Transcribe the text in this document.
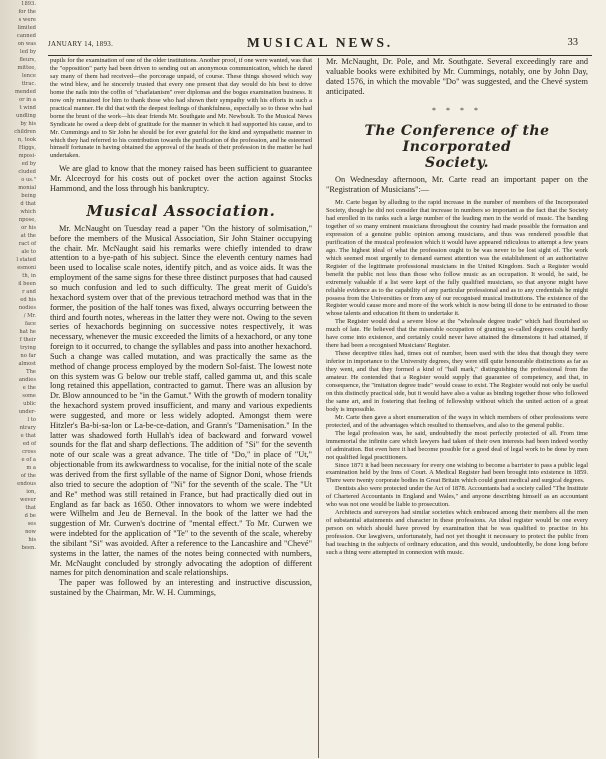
1893.
for the
s were
limited
canned
on was
led by
fleurs,
mittee,
lence
ttrac.
mended
or in a
t wind
undling
by his
children
n, took
Higgs,
mposi-
ed by
cluded
o us."
monial
being
d that
which
npose,
or his
at the
ract of
ale to
l stated
esmoni
th, in
il been
r and
ed his
nodies
/ Mr.
face
hat he
f their
trying
no far
almost
The
andies
e the
some
ublic
under-
l to
ntrary
e that
ed of
cross
e of a
m a
of the
endous
ion,
wever
that
d be
ses
now
his
been.
JANUARY 14, 1893.	MUSICAL NEWS.	33

pupils for the examination of one of the older institutions. Another proof, if one were wanted, was that the "opposition" party had been driven to sending out an anonymous communication, which he dared say many of them had received—the porcorage unpaid, of course. These things showed which way the wind blew, and he sincerely trusted that every one present that day would do his best to drive home the nails into the coffin of "charlatanism" over diplomas and the bogus examination business. It now only remained for him to thank those who had shown their sympathy with his efforts in such a practical manner. He did that with the deepest feelings of thankfulness, especially so to those who had borne the brunt of the work—his dear friends Mr. Southgate and Mr. Newboult. To the Musical News Syndicate he owed a deep debt of gratitude for the manner in which it had supported his cause, and to Mr. Cummings and to Sir John he should be for ever grateful for the kind and sympathetic manner in which they had referred to his contribution towards the purification of the profession, and he esteemed himself fortunate in having obtained the approval of the heads of their profession in the matter he had undertaken.

We are glad to know that the money raised has been sufficient to guarantee Mr. Alcecroyd for his costs out of pocket over the action against Stocks Hammond, and the loss through his bankruptcy.

Musical Association.

Mr. McNaught on Tuesday read a paper "On the history of solmisation," before the members of the Musical Association, Sir John Stainer occupying the chair. Mr. McNaught said his remarks were chiefly intended to draw attention to a bye-path of his subject. Since the eleventh century names had been used to localise scale notes, identify pitch, and as voice aids. It was the employment of the same signs for these three distinct purposes that had caused so much confusion and led to such difficulty. The great merit of Guido's hexachord system over that of the previous tetrachord method was that in the former, the position of the half tones was fixed, always occurring between the third and fourth notes, whereas in the latter they were not. Owing to the seven series of hexachords beginning on successive notes respectively, it was necessary, whenever the music exceeded the limits of a hexachord, or any tone foreign to it occurred, to change the syllables and pass into another hexachord. Such a change was called mutation, and was practically the same as the method of change process employed by the modern Sol-faist. The lowest note on this system was G below our treble staff, called gamma ut, and this scale long retained this appellation, contracted to gamut. There was an allusion by Dr. Blow announced to be "in the Gamut." With the growth of modern tonality the hexachord system proved insufficient, and many and various expedients were suggested, and more or less widely adopted. Amongst them were Hitzler's Ba-bi-sa-lon or La-be-ce-dation, and Grann's "Damenisation." In the latter was shadowed forth Hullah's idea of backward and forward vowel sounds for the flat and sharp deflections. The addition of "Si" for the seventh note of our scale was a great advance. The title of "Do," in place of "Ut," objectionable from its awkwardness to vocalise, for the initial note of the scale was derived from the first syllable of the name of Signor Doni, whose friends also tried to secure the adoption of "Ni" for the seventh of the scale. The "Ut and Re" method was still retained in France, but had practically died out in England as far back as 1650. Other innovators to whom we were indebted were Wilhelm and Jeu de Berneval. In the book of the latter we had the suggestion of Mr. Curwen's doctrine of "mental effect." To Mr. Curwen we were indebted for the application of "Te" to the seventh of the scale, whereby the sibilant "Si" was avoided. After a reference to the Lancashire and "Chevé" systems in the latter, the names of the notes being connected with numbers, Mr. McNaught concluded by strongly advocating the adoption of different names for pitch denomination and scale relationships.

The paper was followed by an interesting and instructive discussion, sustained by the Chairman, Mr. W. H. Cummings,

Mr. McNaught, Dr. Pole, and Mr. Southgate. Several exceedingly rare and valuable books were exhibited by Mr. Cummings, notably, one by John Day, dated 1576, in which the movable "Do" was suggested, and the Chevé system anticipated.

* * * *
The Conference of the Incorporated
Society.

On Wednesday afternoon, Mr. Carte read an important paper on the "Registration of Musicians":—

Mr. Carte began by alluding to the rapid increase in the number of members of the Incorporated Society, though he did not consider that increase in numbers so important as the fact that the Society had enrolled in its ranks such a large number of the leading men in the world of music. The banding together of so many eminent musicians throughout the country had made possible the formation and expression of a genuine public opinion among musicians, and thus was rendered possible that purification of the musical profession which it would have appeared ridiculous to attempt a few years ago. The highest ideal of what the profession ought to be was never to be lost sight of. The work which seemed most urgently to demand earnest attention was the establishment of an authoritative Register of the legitimate professional musicians in the United Kingdom. Such a Register would benefit the public not less than those who follow music as an occupation. It would, he said, be extremely valuable if a list were kept of the fully qualified musicians, so that anyone might have reliable evidence as to the capability of any particular professional and as to any credentials he might possess from the Universities or from any of our recognised musical institutions. The existence of the Register would cause more and more of the work which is now being ill done to be entrusted to those whose talents and education fit them to undertake it.

The Register would deal a severe blow at the "wholesale degree trade" which had flourished so much of late. He believed that the miserable occupation of granting so-called degrees could hardly have come into existence, and certainly could never have attained the dimensions it had attained, if there had been a recognised Musicians' Register.

These deceptive titles had, times out of number, been used with the idea that though they were inferior in importance to the University degrees, they were still quite honourable distinctions as far as they went, and that they formed a kind of "hall mark," distinguishing the professional from the amateur. He contended that a Register would supply that guarantee of competency, and that, in consequence, the "imitation degree trade" would cease to exist. The Register would not only be useful on this distinctly practical side, but it would have also a value as binding together those who followed the same art, and in fostering that feeling of fellowship without which the united action of a great body is impossible.

Mr. Carte then gave a short enumeration of the ways in which members of other professions were protected, and of the advantages which resulted to themselves, and also to the general public.

The legal profession was, he said, undoubtedly the most perfectly protected of all. From time immemorial the infinite care which lawyers had taken of their own interests had been indeed worthy of admiration. But even here it had become possible for a good deal of legal work to be done by men not qualified legal practitioners.

Since 1871 it had been necessary for every one wishing to become a barrister to pass a public legal examination held by the Inns of Court. A Medical Register had been brought into existence in 1859. There were twenty corporate bodies in Great Britain which could grant medical and surgical degrees.

Dentists also were protected under the Act of 1878. Accountants had a society called "The Institute of Chartered Accountants in England and Wales," and anyone describing himself as an accountant who was not one would be liable to prosecution.

Architects and surveyors had similar societies which embraced among their members all the men of substantial attainments and character in these professions. An ideal register would be one every person on which should have proved by examination that he was qualified to practise in his profession. Our lawgivers, unfortunately, had not yet thought it necessary to protect the public from bad teaching in the subjects of ordinary education, and this would, undoubtedly, be done long before such a thing were attempted in connexion with music.
